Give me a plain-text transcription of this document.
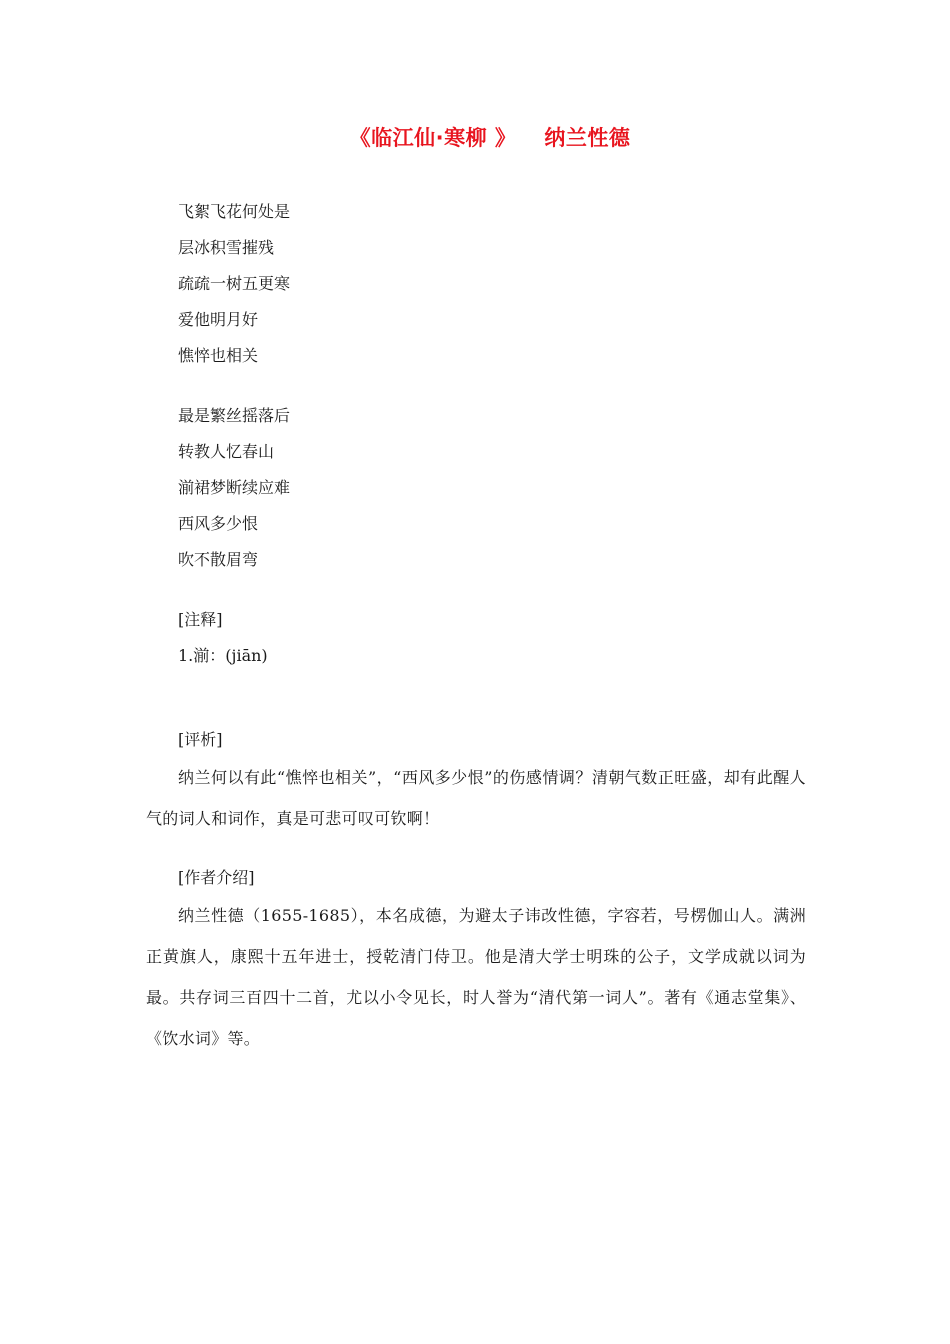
《临江仙·寒柳 》 纳兰性德
飞絮飞花何处是
层冰积雪摧残
疏疏一树五更寒
爱他明月好
憔悴也相关
最是繁丝摇落后
转教人忆春山
湔裙梦断续应难
西风多少恨
吹不散眉弯
[注释]
1.湔：(jiān)
[评析]
纳兰何以有此“憔悴也相关”，“西风多少恨”的伤感情调？清朝气数正旺盛，却有此醒人气的词人和词作，真是可悲可叹可钦啊！
[作者介绍]
纳兰性德（1655-1685），本名成德，为避太子讳改性德，字容若，号楞伽山人。满洲正黄旗人，康熙十五年进士，授乾清门侍卫。他是清大学士明珠的公子，文学成就以词为最。共存词三百四十二首，尤以小令见长，时人誉为“清代第一词人”。著有《通志堂集》、《饮水词》等。
